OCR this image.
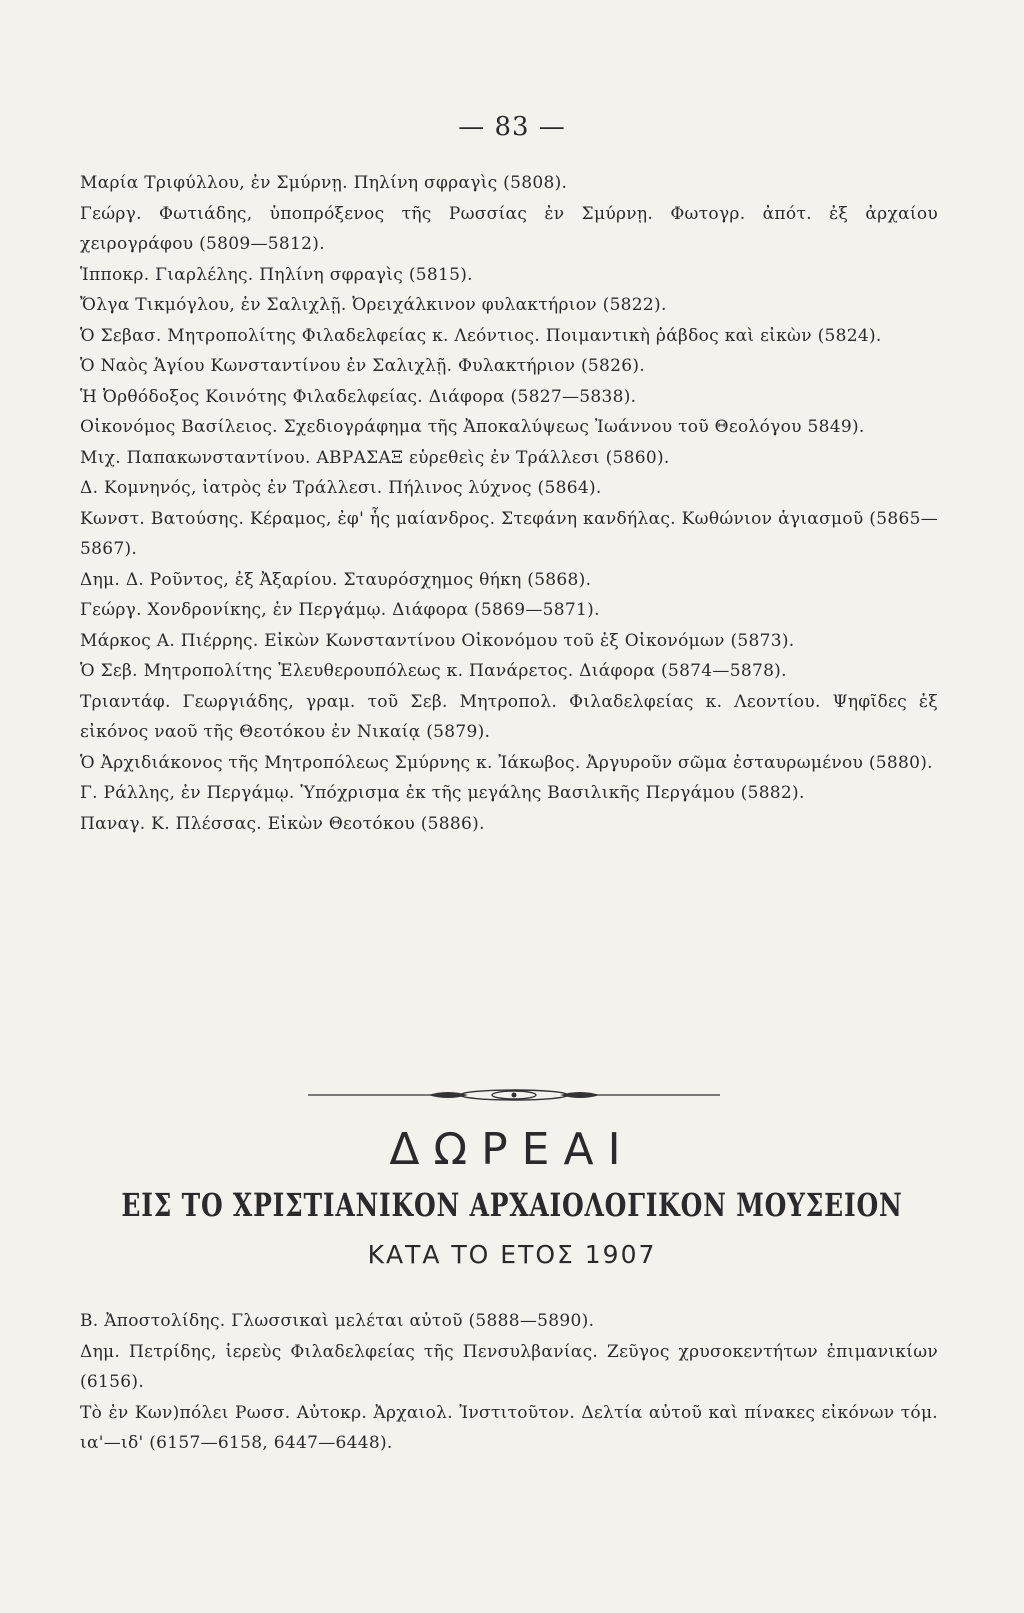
— 83 —
Μαρία Τριφύλλου, ἐν Σμύρνῃ. Πηλίνη σφραγὶς (5808).
Γεώργ. Φωτιάδης, ὑποπρόξενος τῆς Ρωσσίας ἐν Σμύρνῃ. Φωτογρ. ἀπότ. ἐξ ἀρχαίου χειρογράφου (5809—5812).
Ἱπποκρ. Γιαρλέλης. Πηλίνη σφραγὶς (5815).
Ὄλγα Τικμόγλου, ἐν Σαλιχλῇ. Ὀρειχάλκινον φυλακτήριον (5822).
Ὁ Σεβασ. Μητροπολίτης Φιλαδελφείας κ. Λεόντιος. Ποιμαντικὴ ῥάβδος καὶ εἰκὼν (5824).
Ὁ Ναὸς Ἁγίου Κωνσταντίνου ἐν Σαλιχλῇ. Φυλακτήριον (5826).
Ἡ Ὀρθόδοξος Κοινότης Φιλαδελφείας. Διάφορα (5827—5838).
Οἰκονόμος Βασίλειος. Σχεδιογράφημα τῆς Ἀποκαλύψεως Ἰωάννου τοῦ Θεολόγου 5849).
Μιχ. Παπακωνσταντίνου. ΑΒΡΑΣΑΞ εὑρεθεὶς ἐν Τράλλεσι (5860).
Δ. Κομνηνός, ἰατρὸς ἐν Τράλλεσι. Πήλινος λύχνος (5864).
Κωνστ. Βατούσης. Κέραμος, ἐφ' ἧς μαίανδρος. Στεφάνη κανδήλας. Κωθώνιον ἁγιασμοῦ (5865—5867).
Δημ. Δ. Ροῦντος, ἐξ Ἀξαρίου. Σταυρόσχημος θήκη (5868).
Γεώργ. Χονδρονίκης, ἐν Περγάμῳ. Διάφορα (5869—5871).
Μάρκος Α. Πιέρρης. Εἰκὼν Κωνσταντίνου Οἰκονόμου τοῦ ἐξ Οἰκονόμων (5873).
Ὁ Σεβ. Μητροπολίτης Ἐλευθερουπόλεως κ. Πανάρετος. Διάφορα (5874—5878).
Τριαντάφ. Γεωργιάδης, γραμ. τοῦ Σεβ. Μητροπολ. Φιλαδελφείας κ. Λεοντίου. Ψηφῖδες ἐξ εἰκόνος ναοῦ τῆς Θεοτόκου ἐν Νικαίᾳ (5879).
Ὁ Ἀρχιδιάκονος τῆς Μητροπόλεως Σμύρνης κ. Ἰάκωβος. Ἀργυροῦν σῶμα ἐσταυρωμένου (5880).
Γ. Ράλλης, ἐν Περγάμῳ. Ὑπόχρισμα ἐκ τῆς μεγάλης Βασιλικῆς Περγάμου (5882).
Παναγ. Κ. Πλέσσας. Εἰκὼν Θεοτόκου (5886).
ΔΩΡΕΑΙ
ΕΙΣ ΤΟ ΧΡΙΣΤΙΑΝΙΚΟΝ ΑΡΧΑΙΟΛΟΓΙΚΟΝ ΜΟΥΣΕΙΟΝ
ΚΑΤΑ ΤΟ ΕΤΟΣ 1907
Β. Ἀποστολίδης. Γλωσσικαὶ μελέται αὐτοῦ (5888—5890).
Δημ. Πετρίδης, ἱερεὺς Φιλαδελφείας τῆς Πενσυλβανίας. Ζεῦγος χρυσοκεντήτων ἐπιμανικίων (6156).
Τὸ ἐν Κων)πόλει Ρωσσ. Αὐτοκρ. Ἀρχαιολ. Ἰνστιτοῦτον. Δελτία αὐτοῦ καὶ πίνακες εἰκόνων τόμ. ια'—ιδ' (6157—6158, 6447—6448).
